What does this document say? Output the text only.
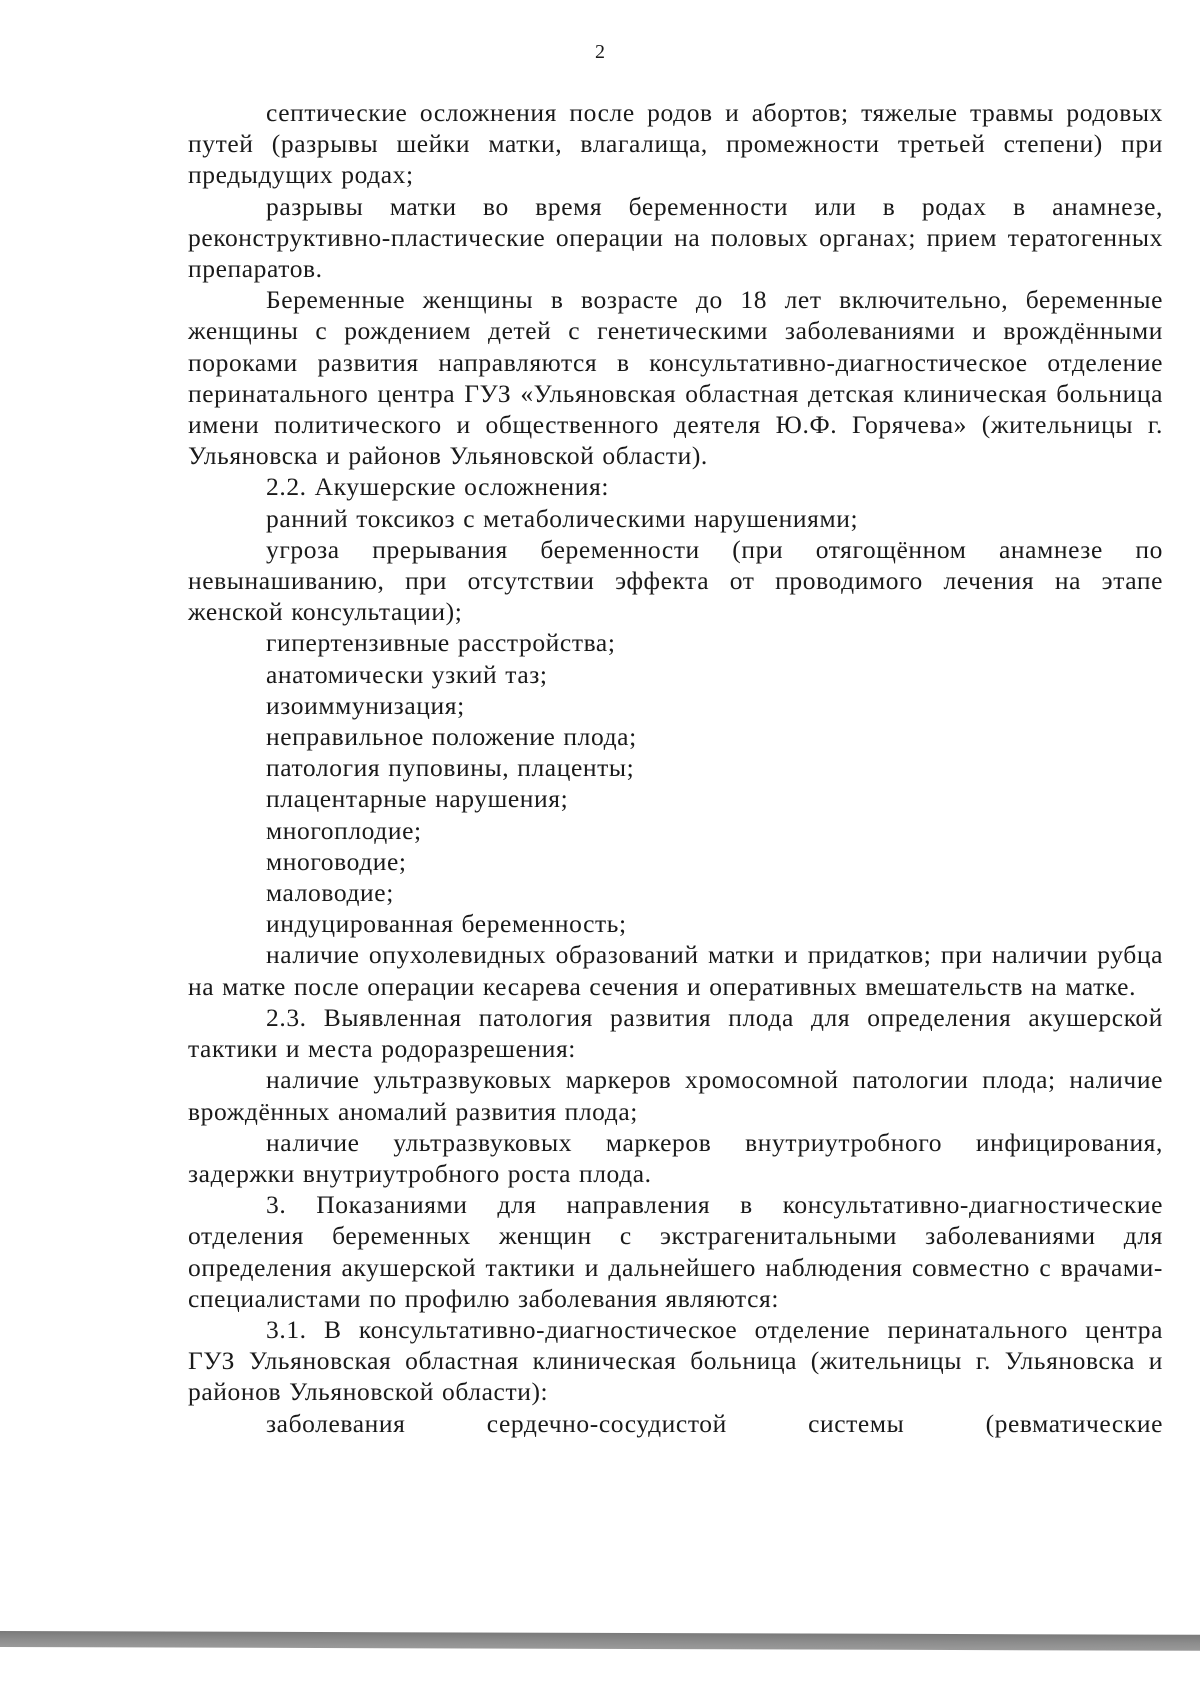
2

септические осложнения после родов и абортов; тяжелые травмы родовых путей (разрывы шейки матки, влагалища, промежности третьей степени) при предыдущих родах;

разрывы матки во время беременности или в родах в анамнезе, реконструктивно-пластические операции на половых органах; прием тератогенных препаратов.

Беременные женщины в возрасте до 18 лет включительно, беременные женщины с рождением детей с генетическими заболеваниями и врождёнными пороками развития направляются в консультативно-диагностическое отделение перинатального центра ГУЗ «Ульяновская областная детская клиническая больница имени политического и общественного деятеля Ю.Ф. Горячева» (жительницы г. Ульяновска и районов Ульяновской области).

2.2. Акушерские осложнения:

ранний токсикоз с метаболическими нарушениями;

угроза прерывания беременности (при отягощённом анамнезе по невынашиванию, при отсутствии эффекта от проводимого лечения на этапе женской консультации);

гипертензивные расстройства;

анатомически узкий таз;

изоиммунизация;

неправильное положение плода;

патология пуповины, плаценты;

плацентарные нарушения;

многоплодие;

многоводие;

маловодие;

индуцированная беременность;

наличие опухолевидных образований матки и придатков; при наличии рубца на матке после операции кесарева сечения и оперативных вмешательств на матке.

2.3. Выявленная патология развития плода для определения акушерской тактики и места родоразрешения:

наличие ультразвуковых маркеров хромосомной патологии плода; наличие врождённых аномалий развития плода;

наличие ультразвуковых маркеров внутриутробного инфицирования, задержки внутриутробного роста плода.

3. Показаниями для направления в консультативно-диагностические отделения беременных женщин с экстрагенитальными заболеваниями для определения акушерской тактики и дальнейшего наблюдения совместно с врачами-специалистами по профилю заболевания являются:

3.1. В консультативно-диагностическое отделение перинатального центра ГУЗ Ульяновская областная клиническая больница (жительницы г. Ульяновска и районов Ульяновской области):

заболевания сердечно-сосудистой системы (ревматические
